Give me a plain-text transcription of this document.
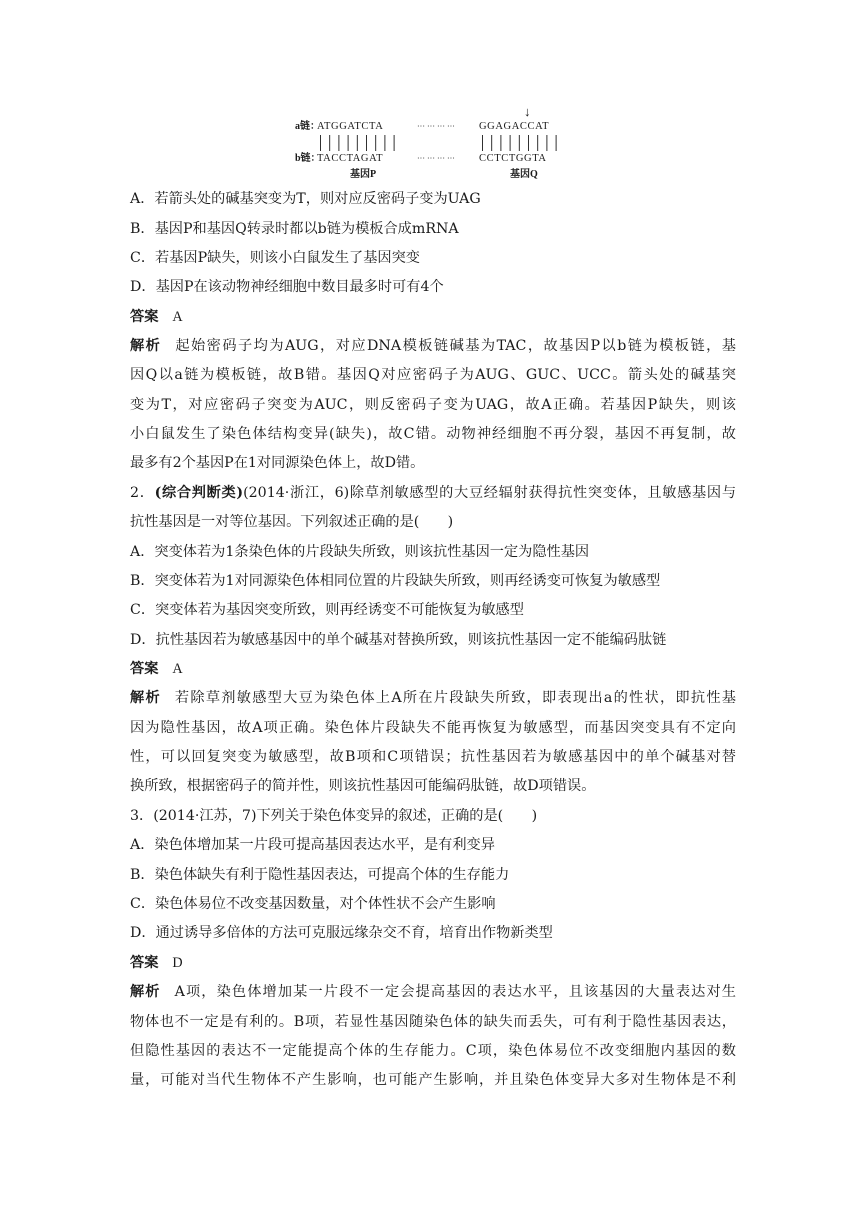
↓
a链：
ATGGATCTA	··· ··· ··· ··· GGAGACCAT
b链：
TACCTAGAT	··· ··· ··· ··· CCTCTGGTA
基因P	基因Q
A．若箭头处的碱基突变为T，则对应反密码子变为UAG
B．基因P和基因Q转录时都以b链为模板合成mRNA
C．若基因P缺失，则该小白鼠发生了基因突变
D．基因P在该动物神经细胞中数目最多时可有4个
答案 A
解析 起始密码子均为AUG，对应DNA模板链碱基为TAC，故基因P以b链为模板链，基
因Q以a链为模板链，故B错。基因Q对应密码子为AUG、GUC、UCC。箭头处的碱基突
变为T，对应密码子突变为AUC，则反密码子变为UAG，故A正确。若基因P缺失，则该
小白鼠发生了染色体结构变异(缺失)，故C错。动物神经细胞不再分裂，基因不再复制，故
最多有2个基因P在1对同源染色体上，故D错。
2．(综合判断类)(2014·浙江，6)除草剂敏感型的大豆经辐射获得抗性突变体，且敏感基因与
抗性基因是一对等位基因。下列叙述正确的是(　　)
A．突变体若为1条染色体的片段缺失所致，则该抗性基因一定为隐性基因
B．突变体若为1对同源染色体相同位置的片段缺失所致，则再经诱变可恢复为敏感型
C．突变体若为基因突变所致，则再经诱变不可能恢复为敏感型
D．抗性基因若为敏感基因中的单个碱基对替换所致，则该抗性基因一定不能编码肽链
答案 A
解析 若除草剂敏感型大豆为染色体上A所在片段缺失所致，即表现出a的性状，即抗性基
因为隐性基因，故A项正确。染色体片段缺失不能再恢复为敏感型，而基因突变具有不定向
性，可以回复突变为敏感型，故B项和C项错误；抗性基因若为敏感基因中的单个碱基对替
换所致，根据密码子的简并性，则该抗性基因可能编码肽链，故D项错误。
3．(2014·江苏，7)下列关于染色体变异的叙述，正确的是(　　)
A．染色体增加某一片段可提高基因表达水平，是有利变异
B．染色体缺失有利于隐性基因表达，可提高个体的生存能力
C．染色体易位不改变基因数量，对个体性状不会产生影响
D．通过诱导多倍体的方法可克服远缘杂交不育，培育出作物新类型
答案 D
解析 A项，染色体增加某一片段不一定会提高基因的表达水平，且该基因的大量表达对生
物体也不一定是有利的。B项，若显性基因随染色体的缺失而丢失，可有利于隐性基因表达，
但隐性基因的表达不一定能提高个体的生存能力。C项，染色体易位不改变细胞内基因的数
量，可能对当代生物体不产生影响，也可能产生影响，并且染色体变异大多对生物体是不利
